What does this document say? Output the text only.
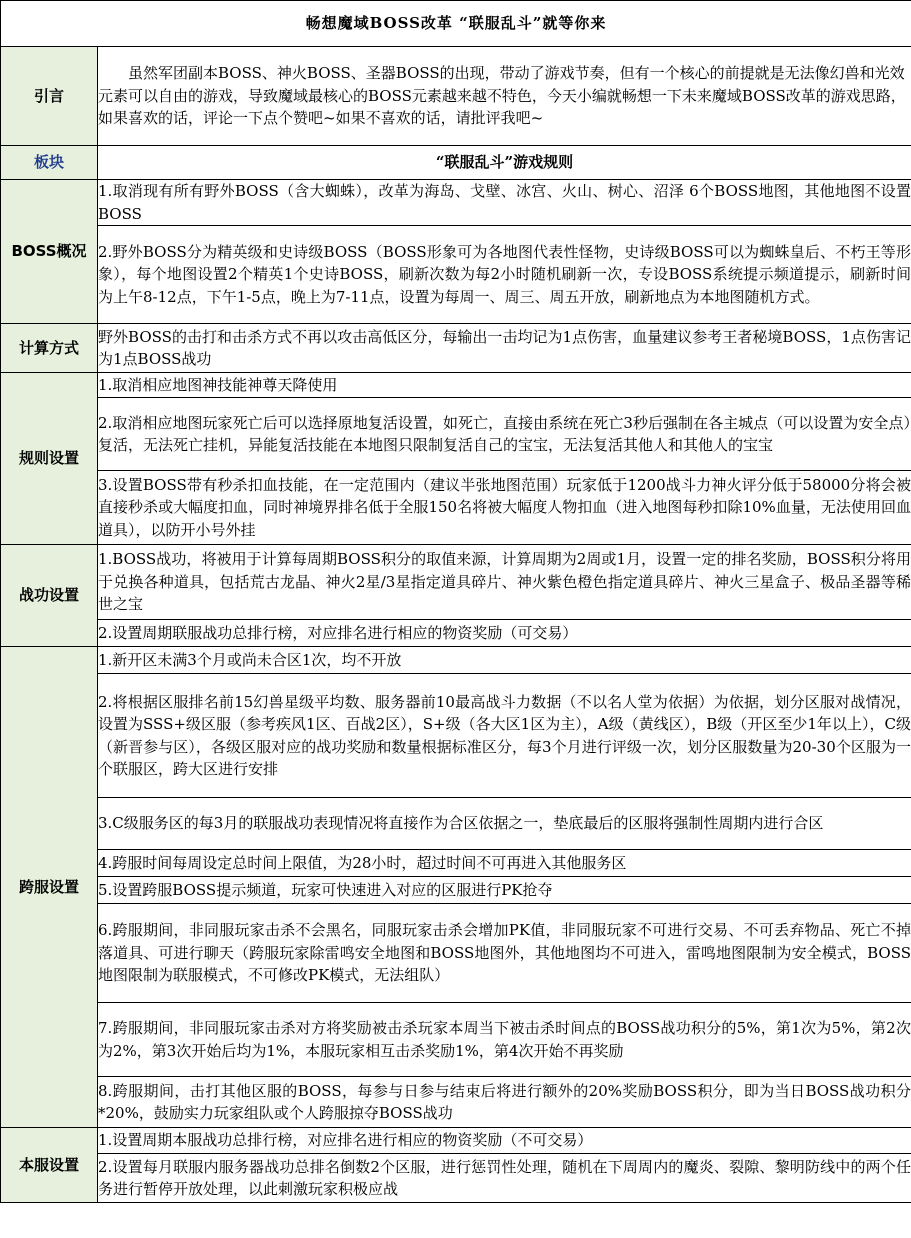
畅想魔域BOSS改革 “联服乱斗”就等你来	
引言	虽然军团副本BOSS、神火BOSS、圣器BOSS的出现，带动了游戏节奏，但有一个核心的前提就是无法像幻兽和光效元素可以自由的游戏，导致魔域最核心的BOSS元素越来越不特色，今天小编就畅想一下未来魔域BOSS改革的游戏思路，如果喜欢的话，评论一下点个赞吧~如果不喜欢的话，请批评我吧~

板块	“联服乱斗”游戏规则
BOSS概况	1.取消现有所有野外BOSS（含大蜘蛛），改革为海岛、戈壁、冰宫、火山、树心、沼泽 6个BOSS地图，其他地图不设置BOSS

	2.野外BOSS分为精英级和史诗级BOSS（BOSS形象可为各地图代表性怪物，史诗级BOSS可以为蜘蛛皇后、不朽王等形象），每个地图设置2个精英1个史诗BOSS，刷新次数为每2小时随机刷新一次，专设BOSS系统提示频道提示，刷新时间为上午8-12点，下午1-5点，晚上为7-11点，设置为每周一、周三、周五开放，刷新地点为本地图随机方式。

计算方式	野外BOSS的击打和击杀方式不再以攻击高低区分，每输出一击均记为1点伤害，血量建议参考王者秘境BOSS，1点伤害记为1点BOSS战功

规则设置	1.取消相应地图神技能神尊天降使用

	2.取消相应地图玩家死亡后可以选择原地复活设置，如死亡，直接由系统在死亡3秒后强制在各主城点（可以设置为安全点）复活，无法死亡挂机，异能复活技能在本地图只限制复活自己的宝宝，无法复活其他人和其他人的宝宝

	3.设置BOSS带有秒杀扣血技能，在一定范围内（建议半张地图范围）玩家低于1200战斗力神火评分低于58000分将会被直接秒杀或大幅度扣血，同时神境界排名低于全服150名将被大幅度人物扣血（进入地图每秒扣除10%血量，无法使用回血道具），以防开小号外挂

战功设置	1.BOSS战功，将被用于计算每周期BOSS积分的取值来源，计算周期为2周或1月，设置一定的排名奖励，BOSS积分将用于兑换各种道具，包括荒古龙晶、神火2星/3星指定道具碎片、神火紫色橙色指定道具碎片、神火三星盒子、极品圣器等稀世之宝

	2.设置周期联服战功总排行榜，对应排名进行相应的物资奖励（可交易）

跨服设置	1.新开区未满3个月或尚未合区1次，均不开放

	2.将根据区服排名前15幻兽星级平均数、服务器前10最高战斗力数据（不以名人堂为依据）为依据，划分区服对战情况，设置为SSS+级区服（参考疾风1区、百战2区），S+级（各大区1区为主），A级（黄线区），B级（开区至少1年以上），C级（新晋参与区），各级区服对应的战功奖励和数量根据标准区分，每3个月进行评级一次，划分区服数量为20-30个区服为一个联服区，跨大区进行安排

	3.C级服务区的每3月的联服战功表现情况将直接作为合区依据之一，垫底最后的区服将强制性周期内进行合区

	4.跨服时间每周设定总时间上限值，为28小时，超过时间不可再进入其他服务区

	5.设置跨服BOSS提示频道，玩家可快速进入对应的区服进行PK抢夺

	6.跨服期间，非同服玩家击杀不会黑名，同服玩家击杀会增加PK值，非同服玩家不可进行交易、不可丢弃物品、死亡不掉落道具、可进行聊天（跨服玩家除雷鸣安全地图和BOSS地图外，其他地图均不可进入，雷鸣地图限制为安全模式，BOSS地图限制为联服模式，不可修改PK模式，无法组队）

	7.跨服期间，非同服玩家击杀对方将奖励被击杀玩家本周当下被击杀时间点的BOSS战功积分的5%，第1次为5%，第2次为2%，第3次开始后均为1%，本服玩家相互击杀奖励1%，第4次开始不再奖励

	8.跨服期间，击打其他区服的BOSS，每参与日参与结束后将进行额外的20%奖励BOSS积分，即为当日BOSS战功积分*20%，鼓励实力玩家组队或个人跨服掠夺BOSS战功

本服设置	1.设置周期本服战功总排行榜，对应排名进行相应的物资奖励（不可交易）

	2.设置每月联服内服务器战功总排名倒数2个区服，进行惩罚性处理，随机在下周周内的魔炎、裂隙、黎明防线中的两个任务进行暂停开放处理，以此刺激玩家积极应战
